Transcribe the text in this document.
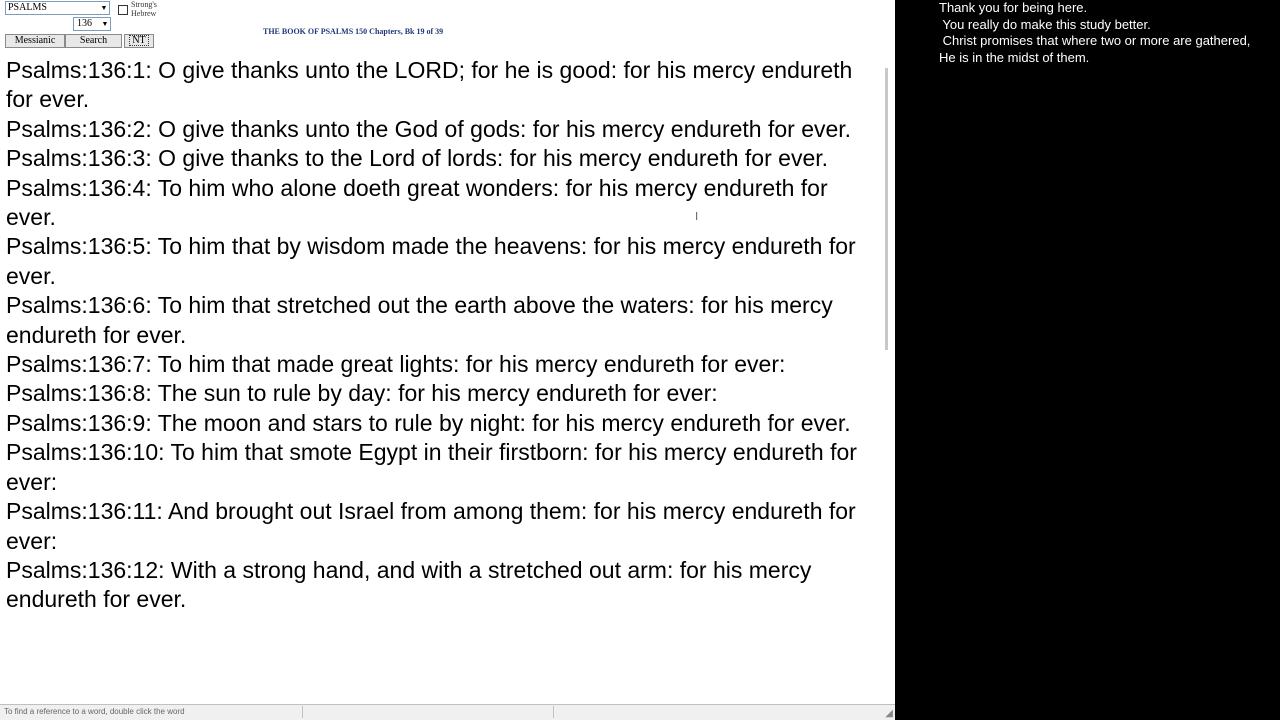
PSALMS	▼	Strong's Hebrew
136 ▼
Messianic	Search	NT
THE BOOK OF PSALMS 150 Chapters, Bk 19 of 39

Psalms:136:1: O give thanks unto the LORD; for he is good: for his mercy endureth for ever.

Psalms:136:2: O give thanks unto the God of gods: for his mercy endureth for ever.

Psalms:136:3: O give thanks to the Lord of lords: for his mercy endureth for ever.

Psalms:136:4: To him who alone doeth great wonders: for his mercy endureth for ever.

Psalms:136:5: To him that by wisdom made the heavens: for his mercy endureth for ever.

Psalms:136:6: To him that stretched out the earth above the waters: for his mercy endureth for ever.

Psalms:136:7: To him that made great lights: for his mercy endureth for ever:

Psalms:136:8: The sun to rule by day: for his mercy endureth for ever:

Psalms:136:9: The moon and stars to rule by night: for his mercy endureth for ever.

Psalms:136:10: To him that smote Egypt in their firstborn: for his mercy endureth for ever:

Psalms:136:11: And brought out Israel from among them: for his mercy endureth for ever:

Psalms:136:12: With a strong hand, and with a stretched out arm: for his mercy endureth for ever.

I
To find a reference to a word, double click the word	◢
Thank you for being here.
You really do make this study better.
Christ promises that where two or more are gathered,
He is in the midst of them.
